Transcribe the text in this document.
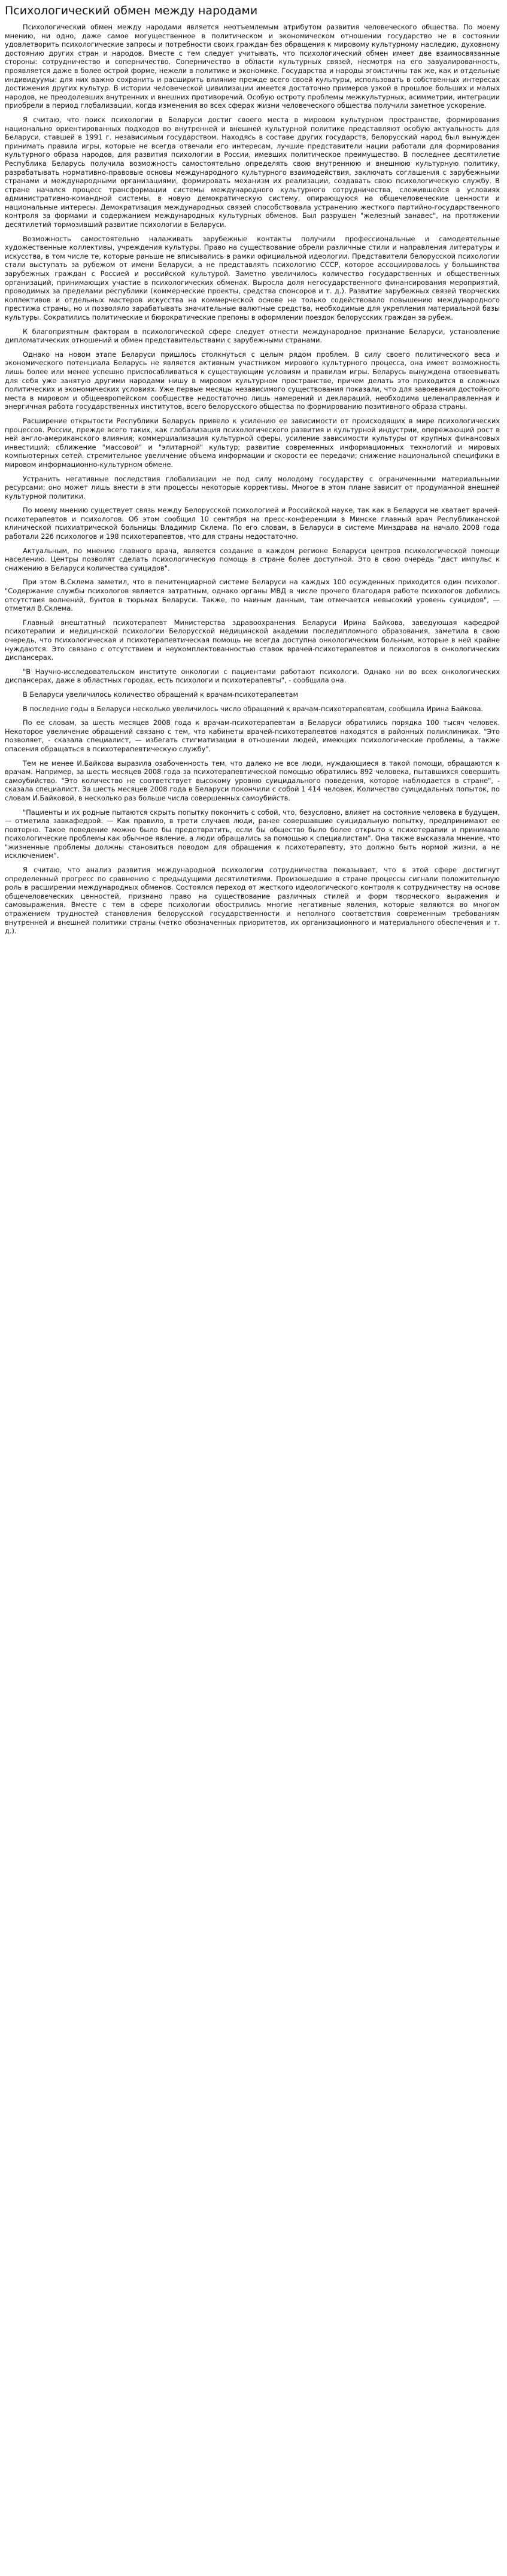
Психологический обмен между народами

Психологический обмен между народами является неотъемлемым атрибутом развития человеческого общества. По моему мнению, ни одно, даже самое могущественное в политическом и экономическом отношении государство не в состоянии удовлетворить психологические запросы и потребности своих граждан без обращения к мировому культурному наследию, духовному достоянию других стран и народов. Вместе с тем следует учитывать, что психологический обмен имеет две взаимосвязанные стороны: сотрудничество и соперничество. Соперничество в области культурных связей, несмотря на его завуалированность, проявляется даже в более острой форме, нежели в политике и экономике. Государства и народы эгоистичны так же, как и отдельные индивидуумы: для них важно сохранить и расширить влияние прежде всего своей культуры, использовать в собственных интересах достижения других культур. В истории человеческой цивилизации имеется достаточно примеров узкой в прошлое больших и малых народов, не преодолевших внутренних и внешних противоречий. Особую остроту проблемы межкультурных, асимметрии, интеграции приобрели в период глобализации, когда изменения во всех сферах жизни человеческого общества получили заметное ускорение.

Я считаю, что поиск психологии в Беларуси достиг своего места в мировом культурном пространстве, формирования национально ориентированных подходов во внутренней и внешней культурной политике представляют особую актуальность для Беларуси, ставшей в 1991 г. независимым государством. Находясь в составе других государств, белорусский народ был вынужден принимать правила игры, которые не всегда отвечали его интересам, лучшие представители нации работали для формирования культурного образа народов, для развития психологии в России, имевших политическое преимущество. В последнее десятилетие Республика Беларусь получила возможность самостоятельно определять свою внутреннюю и внешнюю культурную политику, разрабатывать нормативно-правовые основы международного культурного взаимодействия, заключать соглашения с зарубежными странами и международными организациями, формировать механизм их реализации, создавать свою психологическую службу. В стране начался процесс трансформации системы международного культурного сотрудничества, сложившейся в условиях административно-командной системы, в новую демократическую систему, опирающуюся на общечеловеческие ценности и национальные интересы. Демократизация международных связей способствовала устранению жесткого партийно-государственного контроля за формами и содержанием международных культурных обменов. Был разрушен "железный занавес", на протяжении десятилетий тормозивший развитие психологии в Беларуси.

Возможность самостоятельно налаживать зарубежные контакты получили профессиональные и самодеятельные художественные коллективы, учреждения культуры. Право на существование обрели различные стили и направления литературы и искусства, в том числе те, которые раньше не вписывались в рамки официальной идеологии. Представители белорусской психологии стали выступать за рубежом от имени Беларуси, а не представлять психологию СССР, которое ассоциировалось у большинства зарубежных граждан с Россией и российской культурой. Заметно увеличилось количество государственных и общественных организаций, принимающих участие в психологических обменах. Выросла доля негосударственного финансирования мероприятий, проводимых за пределами республики (коммерческие проекты, средства спонсоров и т. д.). Развитие зарубежных связей творческих коллективов и отдельных мастеров искусства на коммерческой основе не только содействовало повышению международного престижа страны, но и позволяло зарабатывать значительные валютные средства, необходимые для укрепления материальной базы культуры. Сократились политические и бюрократические препоны в оформлении поездок белорусских граждан за рубеж.

К благоприятным факторам в психологической сфере следует отнести международное признание Беларуси, установление дипломатических отношений и обмен представительствами с зарубежными странами.

Однако на новом этапе Беларуси пришлось столкнуться с целым рядом проблем. В силу своего политического веса и экономического потенциала Беларусь не является активным участником мирового культурного процесса, она имеет возможность лишь более или менее успешно приспосабливаться к существующим условиям и правилам игры. Беларусь вынуждена отвоевывать для себя уже занятую другими народами нишу в мировом культурном пространстве, причем делать это приходится в сложных политических и экономических условиях. Уже первые месяцы независимого существования показали, что для завоевания достойного места в мировом и общеевропейском сообществе недостаточно лишь намерений и деклараций, необходима целенаправленная и энергичная работа государственных институтов, всего белорусского общества по формированию позитивного образа страны.

Расширение открытости Республики Беларусь привело к усилению ее зависимости от происходящих в мире психологических процессов. России, прежде всего таких, как глобализация психологического развития и культурной индустрии, опережающий рост в ней англо-американского влияния; коммерциализация культурной сферы, усиление зависимости культуры от крупных финансовых инвестиций; сближение "массовой" и "элитарной" культур; развитие современных информационных технологий и мировых компьютерных сетей. стремительное увеличение объема информации и скорости ее передачи; снижение национальной специфики в мировом информационно-культурном обмене.

Устранить негативные последствия глобализации не под силу молодому государству с ограниченными материальными ресурсами; оно может лишь внести в эти процессы некоторые коррективы. Многое в этом плане зависит от продуманной внешней культурной политики.

По моему мнению существует связь между Белорусской психологией и Российской науке, так как в Беларуси не хватает врачей-психотерапевтов и психологов. Об этом сообщил 10 сентября на пресс-конференции в Минске главный врач Республиканской клинической психиатрической больницы Владимир Склема. По его словам, в Беларуси в системе Минздрава на начало 2008 года работали 226 психологов и 198 психотерапевтов, что для страны недостаточно.

Актуальным, по мнению главного врача, является создание в каждом регионе Беларуси центров психологической помощи населению. Центры позволят сделать психологическую помощь в стране более доступной. Это в свою очередь "даст импульс к снижению в Беларуси количества суицидов".

При этом В.Склема заметил, что в пенитенциарной системе Беларуси на каждых 100 осужденных приходится один психолог. "Содержание службы психологов является затратным, однако органы МВД в числе прочего благодаря работе психологов добились отсутствия волнений, бунтов в тюрьмах Беларуси. Также, по наиным данным, там отмечается невысокий уровень суицидов", — отметил В.Склема.

Главный внештатный психотерапевт Министерства здравоохранения Беларуси Ирина Байкова, заведующая кафедрой психотерапии и медицинской психологии Белорусской медицинской академии последипломного образования, заметила в свою очередь, что психологическая и психотерапевтическая помощь не всегда доступна онкологическим больным, которые в ней крайне нуждаются. Это связано с отсутствием и неукомплектованностью ставок врачей-психотерапевтов и психологов в онкологических диспансерах.

"В Научно-исследовательском институте онкологии с пациентами работают психологи. Однако ни во всех онкологических диспансерах, даже в областных городах, есть психологи и психотерапевты", - сообщила она.

В Беларуси увеличилось количество обращений к врачам-психотерапевтам

В последние годы в Беларуси несколько увеличилось число обращений к врачам-психотерапевтам, сообщила Ирина Байкова.

По ее словам, за шесть месяцев 2008 года к врачам-психотерапевтам в Беларуси обратились порядка 100 тысяч человек. Некоторое увеличение обращений связано с тем, что кабинеты врачей-психотерапевтов находятся в районных поликлиниках. "Это позволяет, - сказала специалист, — избегать стигматизации в отношении людей, имеющих психологические проблемы, а также опасения обращаться в психотерапевтическую службу".

Тем не менее И.Байкова выразила озабоченность тем, что далеко не все люди, нуждающиеся в такой помощи, обращаются к врачам. Например, за шесть месяцев 2008 года за психотерапевтической помощью обратились 892 человека, пытавшихся совершить самоубийство. "Это количество не соответствует высокому уровню суицидального поведения, которое наблюдается в стране", - сказала специалист. За шесть месяцев 2008 года в Беларуси покончили с собой 1 414 человек. Количество суицидальных попыток, по словам И.Байковой, в несколько раз больше числа совершенных самоубийств.

"Пациенты и их родные пытаются скрыть попытку покончить с собой, что, безусловно, влияет на состояние человека в будущем, — отметила завкафедрой. — Как правило, в трети случаев люди, ранее совершавшие суицидальную попытку, предпринимают ее повторно. Такое поведение можно было бы предотвратить, если бы общество было более открыто к психотерапии и принимало психологические проблемы как обычное явление, а люди обращались за помощью к специалистам". Она также высказала мнение, что "жизненные проблемы должны становиться поводом для обращения к психотерапевту, это должно быть нормой жизни, а не исключением".

Я считаю, что анализ развития международной психологии сотрудничества показывает, что в этой сфере достигнут определенный прогресс по сравнению с предыдущими десятилетиями. Произошедшие в стране процессы сигнали положительную роль в расширении международных обменов. Состоялся переход от жесткого идеологического контроля к сотрудничеству на основе общечеловеческих ценностей, признано право на существование различных стилей и форм творческого выражения и самовыражения. Вместе с тем в сфере психологии обострились многие негативные явления, которые являются во многом отражением трудностей становления белорусской государственности и неполного соответствия современным требованиям внутренней и внешней политики страны (четко обозначенных приоритетов, их организационного и материального обеспечения и т. д.).
